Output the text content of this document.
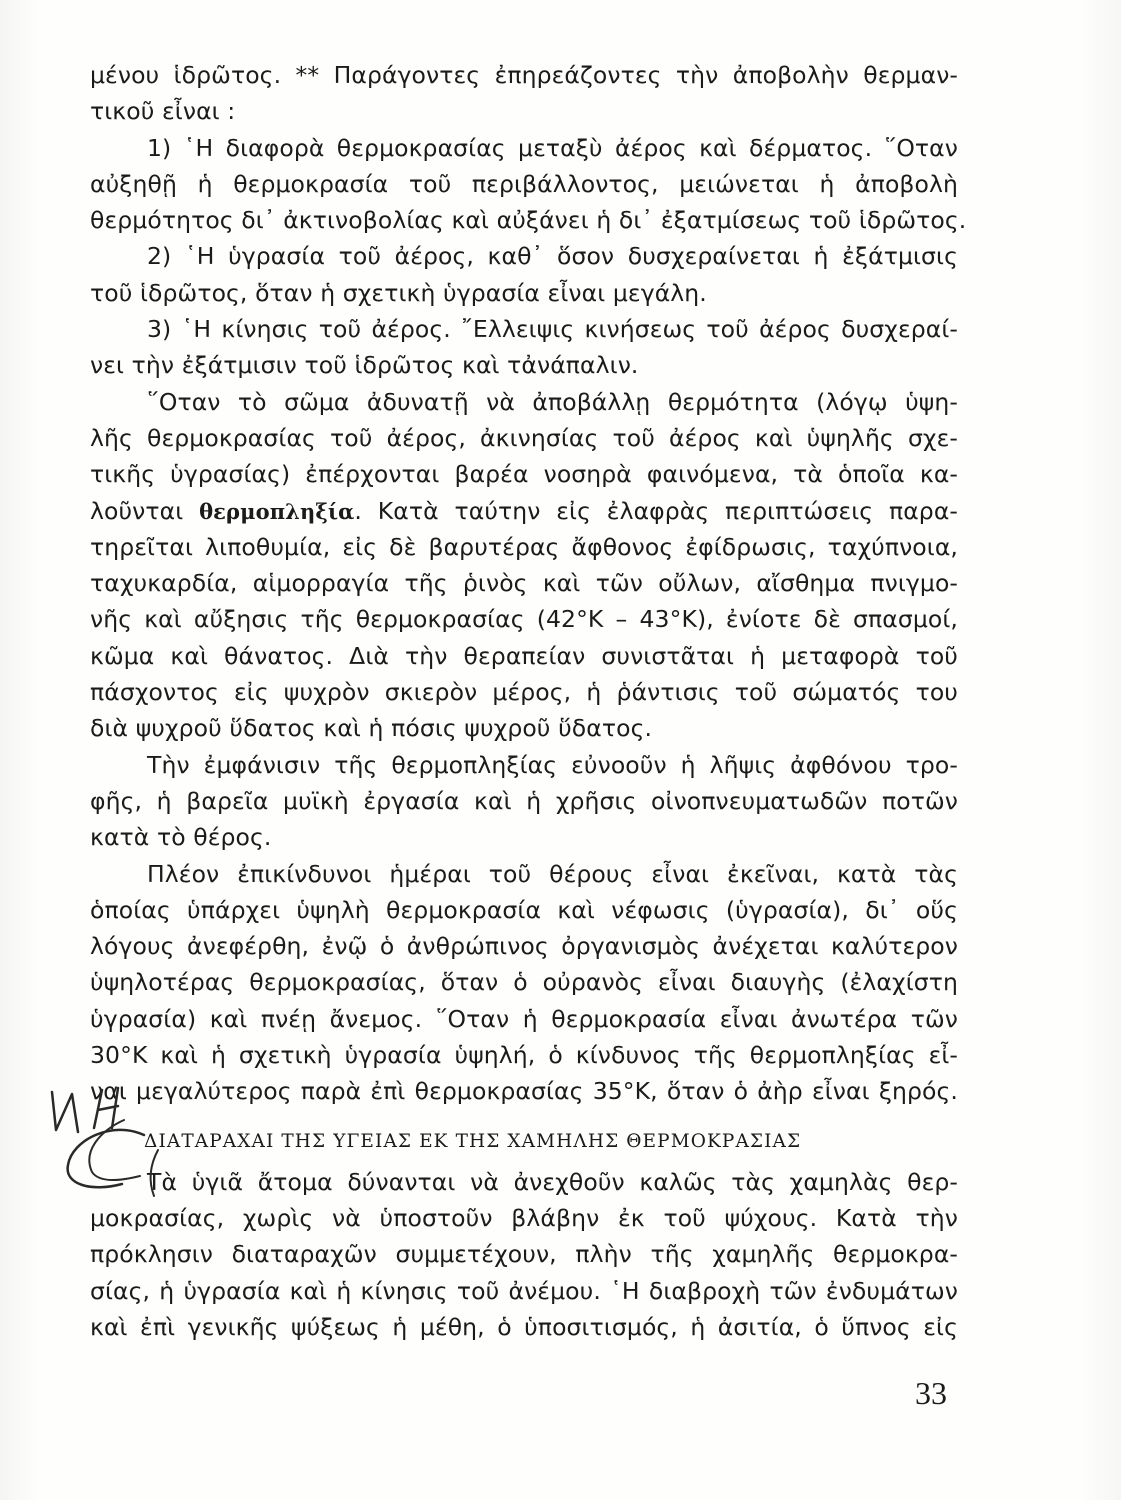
μένου ἱδρῶτος. ** Παράγοντες ἐπηρεάζοντες τὴν ἀποβολὴν θερμαν-
τικοῦ εἶναι :
1) ῾Η διαφορὰ θερμοκρασίας μεταξὺ ἀέρος καὶ δέρματος. ῞Οταν
αὐξηθῇ ἡ θερμοκρασία τοῦ περιβάλλοντος, μειώνεται ἡ ἀποβολὴ
θερμότητος δι᾿ ἀκτινοβολίας καὶ αὐξάνει ἡ δι᾿ ἐξατμίσεως τοῦ ἱδρῶτος.
2) ῾Η ὑγρασία τοῦ ἀέρος, καθ᾿ ὅσον δυσχεραίνεται ἡ ἐξάτμισις
τοῦ ἱδρῶτος, ὅταν ἡ σχετικὴ ὑγρασία εἶναι μεγάλη.
3) ῾Η κίνησις τοῦ ἀέρος. ῎Ελλειψις κινήσεως τοῦ ἀέρος δυσχεραί-
νει τὴν ἐξάτμισιν τοῦ ἱδρῶτος καὶ τἀνάπαλιν.
῞Οταν τὸ σῶμα ἀδυνατῇ νὰ ἀποβάλλῃ θερμότητα (λόγῳ ὑψη-
λῆς θερμοκρασίας τοῦ ἀέρος, ἀκινησίας τοῦ ἀέρος καὶ ὑψηλῆς σχε-
τικῆς ὑγρασίας) ἐπέρχονται βαρέα νοσηρὰ φαινόμενα, τὰ ὁποῖα κα-
λοῦνται θερμοπληξία. Κατὰ ταύτην εἰς ἐλαφρὰς περιπτώσεις παρα-
τηρεῖται λιποθυμία, εἰς δὲ βαρυτέρας ἄφθονος ἐφίδρωσις, ταχύπνοια,
ταχυκαρδία, αἱμορραγία τῆς ῥινὸς καὶ τῶν οὔλων, αἴσθημα πνιγμο-
νῆς καὶ αὔξησις τῆς θερμοκρασίας (42°Κ – 43°Κ), ἐνίοτε δὲ σπασμοί,
κῶμα καὶ θάνατος. Διὰ τὴν θεραπείαν συνιστᾶται ἡ μεταφορὰ τοῦ
πάσχοντος εἰς ψυχρὸν σκιερὸν μέρος, ἡ ῥάντισις τοῦ σώματός του
διὰ ψυχροῦ ὕδατος καὶ ἡ πόσις ψυχροῦ ὕδατος.
Τὴν ἐμφάνισιν τῆς θερμοπληξίας εὐνοοῦν ἡ λῆψις ἀφθόνου τρο-
φῆς, ἡ βαρεῖα μυϊκὴ ἐργασία καὶ ἡ χρῆσις οἰνοπνευματωδῶν ποτῶν
κατὰ τὸ θέρος.
Πλέον ἐπικίνδυνοι ἡμέραι τοῦ θέρους εἶναι ἐκεῖναι, κατὰ τὰς
ὁποίας ὑπάρχει ὑψηλὴ θερμοκρασία καὶ νέφωσις (ὑγρασία), δι᾿ οὕς
λόγους ἀνεφέρθη, ἐνῷ ὁ ἀνθρώπινος ὀργανισμὸς ἀνέχεται καλύτερον
ὑψηλοτέρας θερμοκρασίας, ὅταν ὁ οὐρανὸς εἶναι διαυγὴς (ἐλαχίστη
ὑγρασία) καὶ πνέῃ ἄνεμος. ῞Οταν ἡ θερμοκρασία εἶναι ἀνωτέρα τῶν
30°Κ καὶ ἡ σχετικὴ ὑγρασία ὑψηλή, ὁ κίνδυνος τῆς θερμοπληξίας εἶ-
ναι μεγαλύτερος παρὰ ἐπὶ θερμοκρασίας 35°Κ, ὅταν ὁ ἀὴρ εἶναι ξηρός.
ΔΙΑΤΑΡΑΧΑΙ ΤΗΣ ΥΓΕΙΑΣ ΕΚ ΤΗΣ ΧΑΜΗΛΗΣ ΘΕΡΜΟΚΡΑΣΙΑΣ
Τὰ ὑγιᾶ ἄτομα δύνανται νὰ ἀνεχθοῦν καλῶς τὰς χαμηλὰς θερ-
μοκρασίας, χωρὶς νὰ ὑποστοῦν βλάβην ἐκ τοῦ ψύχους. Κατὰ τὴν
πρόκλησιν διαταραχῶν συμμετέχουν, πλὴν τῆς χαμηλῆς θερμοκρα-
σίας, ἡ ὑγρασία καὶ ἡ κίνησις τοῦ ἀνέμου. ῾Η διαβροχὴ τῶν ἐνδυμάτων
καὶ ἐπὶ γενικῆς ψύξεως ἡ μέθη, ὁ ὑποσιτισμός, ἡ ἀσιτία, ὁ ὕπνος εἰς
33
